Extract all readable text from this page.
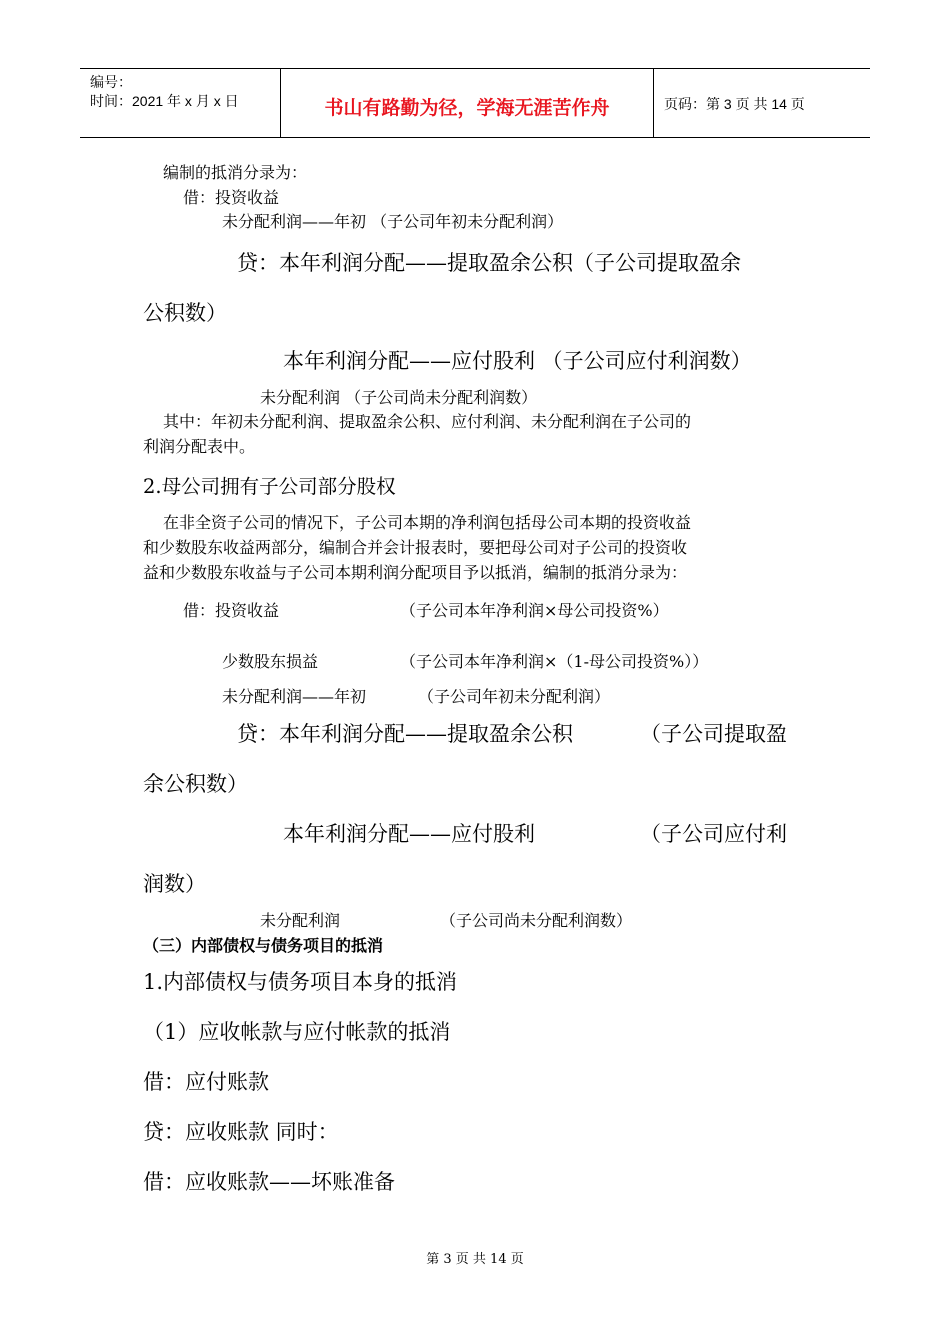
编号：
时间：2021 年 x 月 x 日	书山有路勤为径，学海无涯苦作舟	页码：第 3 页 共 14 页
编制的抵消分录为：
借：投资收益
未分配利润——年初 （子公司年初未分配利润）
贷：本年利润分配——提取盈余公积（子公司提取盈余
公积数）
本年利润分配——应付股利 （子公司应付利润数）
未分配利润 （子公司尚未分配利润数）
其中：年初未分配利润、提取盈余公积、应付利润、未分配利润在子公司的
利润分配表中。
2.母公司拥有子公司部分股权
在非全资子公司的情况下，子公司本期的净利润包括母公司本期的投资收益
和少数股东收益两部分，编制合并会计报表时，要把母公司对子公司的投资收
益和少数股东收益与子公司本期利润分配项目予以抵消，编制的抵消分录为：
借：投资收益	（子公司本年净利润×母公司投资%）
少数股东损益	（子公司本年净利润×（1-母公司投资%））
未分配利润——年初	（子公司年初未分配利润）
贷：本年利润分配——提取盈余公积	（子公司提取盈
余公积数）
本年利润分配——应付股利	（子公司应付利
润数）
未分配利润	（子公司尚未分配利润数）
（三）内部债权与债务项目的抵消
1.内部债权与债务项目本身的抵消
（1）应收帐款与应付帐款的抵消
借：应付账款
贷：应收账款 同时：
借：应收账款——坏账准备
第 3 页 共 14 页
